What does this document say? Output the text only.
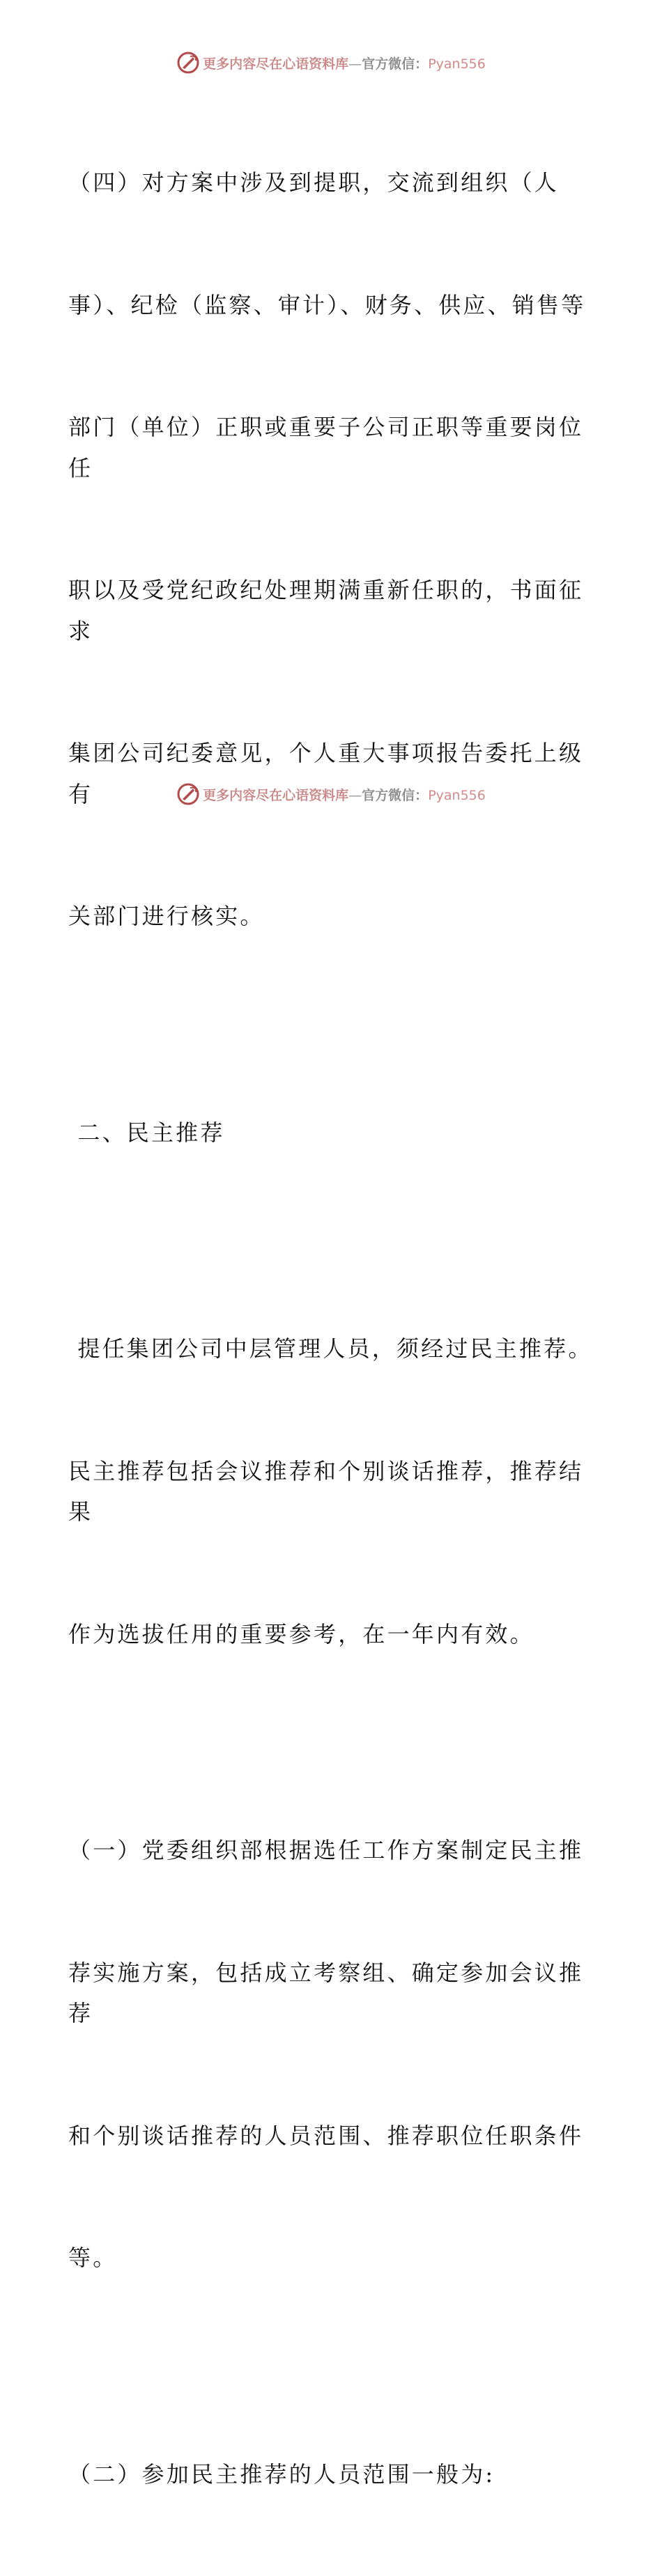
更多内容尽在心语资料库—官方微信：Pyan556

（四）对方案中涉及到提职，交流到组织（人

事）、纪检（监察、审计）、财务、供应、销售等

部门（单位）正职或重要子公司正职等重要岗位任

职以及受党纪政纪处理期满重新任职的，书面征求

集团公司纪委意见，个人重大事项报告委托上级有

关部门进行核实。

二、民主推荐

提任集团公司中层管理人员，须经过民主推荐。

民主推荐包括会议推荐和个别谈话推荐，推荐结果

作为选拔任用的重要参考，在一年内有效。

（一）党委组织部根据选任工作方案制定民主推

荐实施方案，包括成立考察组、确定参加会议推荐

和个别谈话推荐的人员范围、推荐职位任职条件

等。

（二）参加民主推荐的人员范围一般为:

更多内容尽在心语资料库—官方微信：Pyan556
